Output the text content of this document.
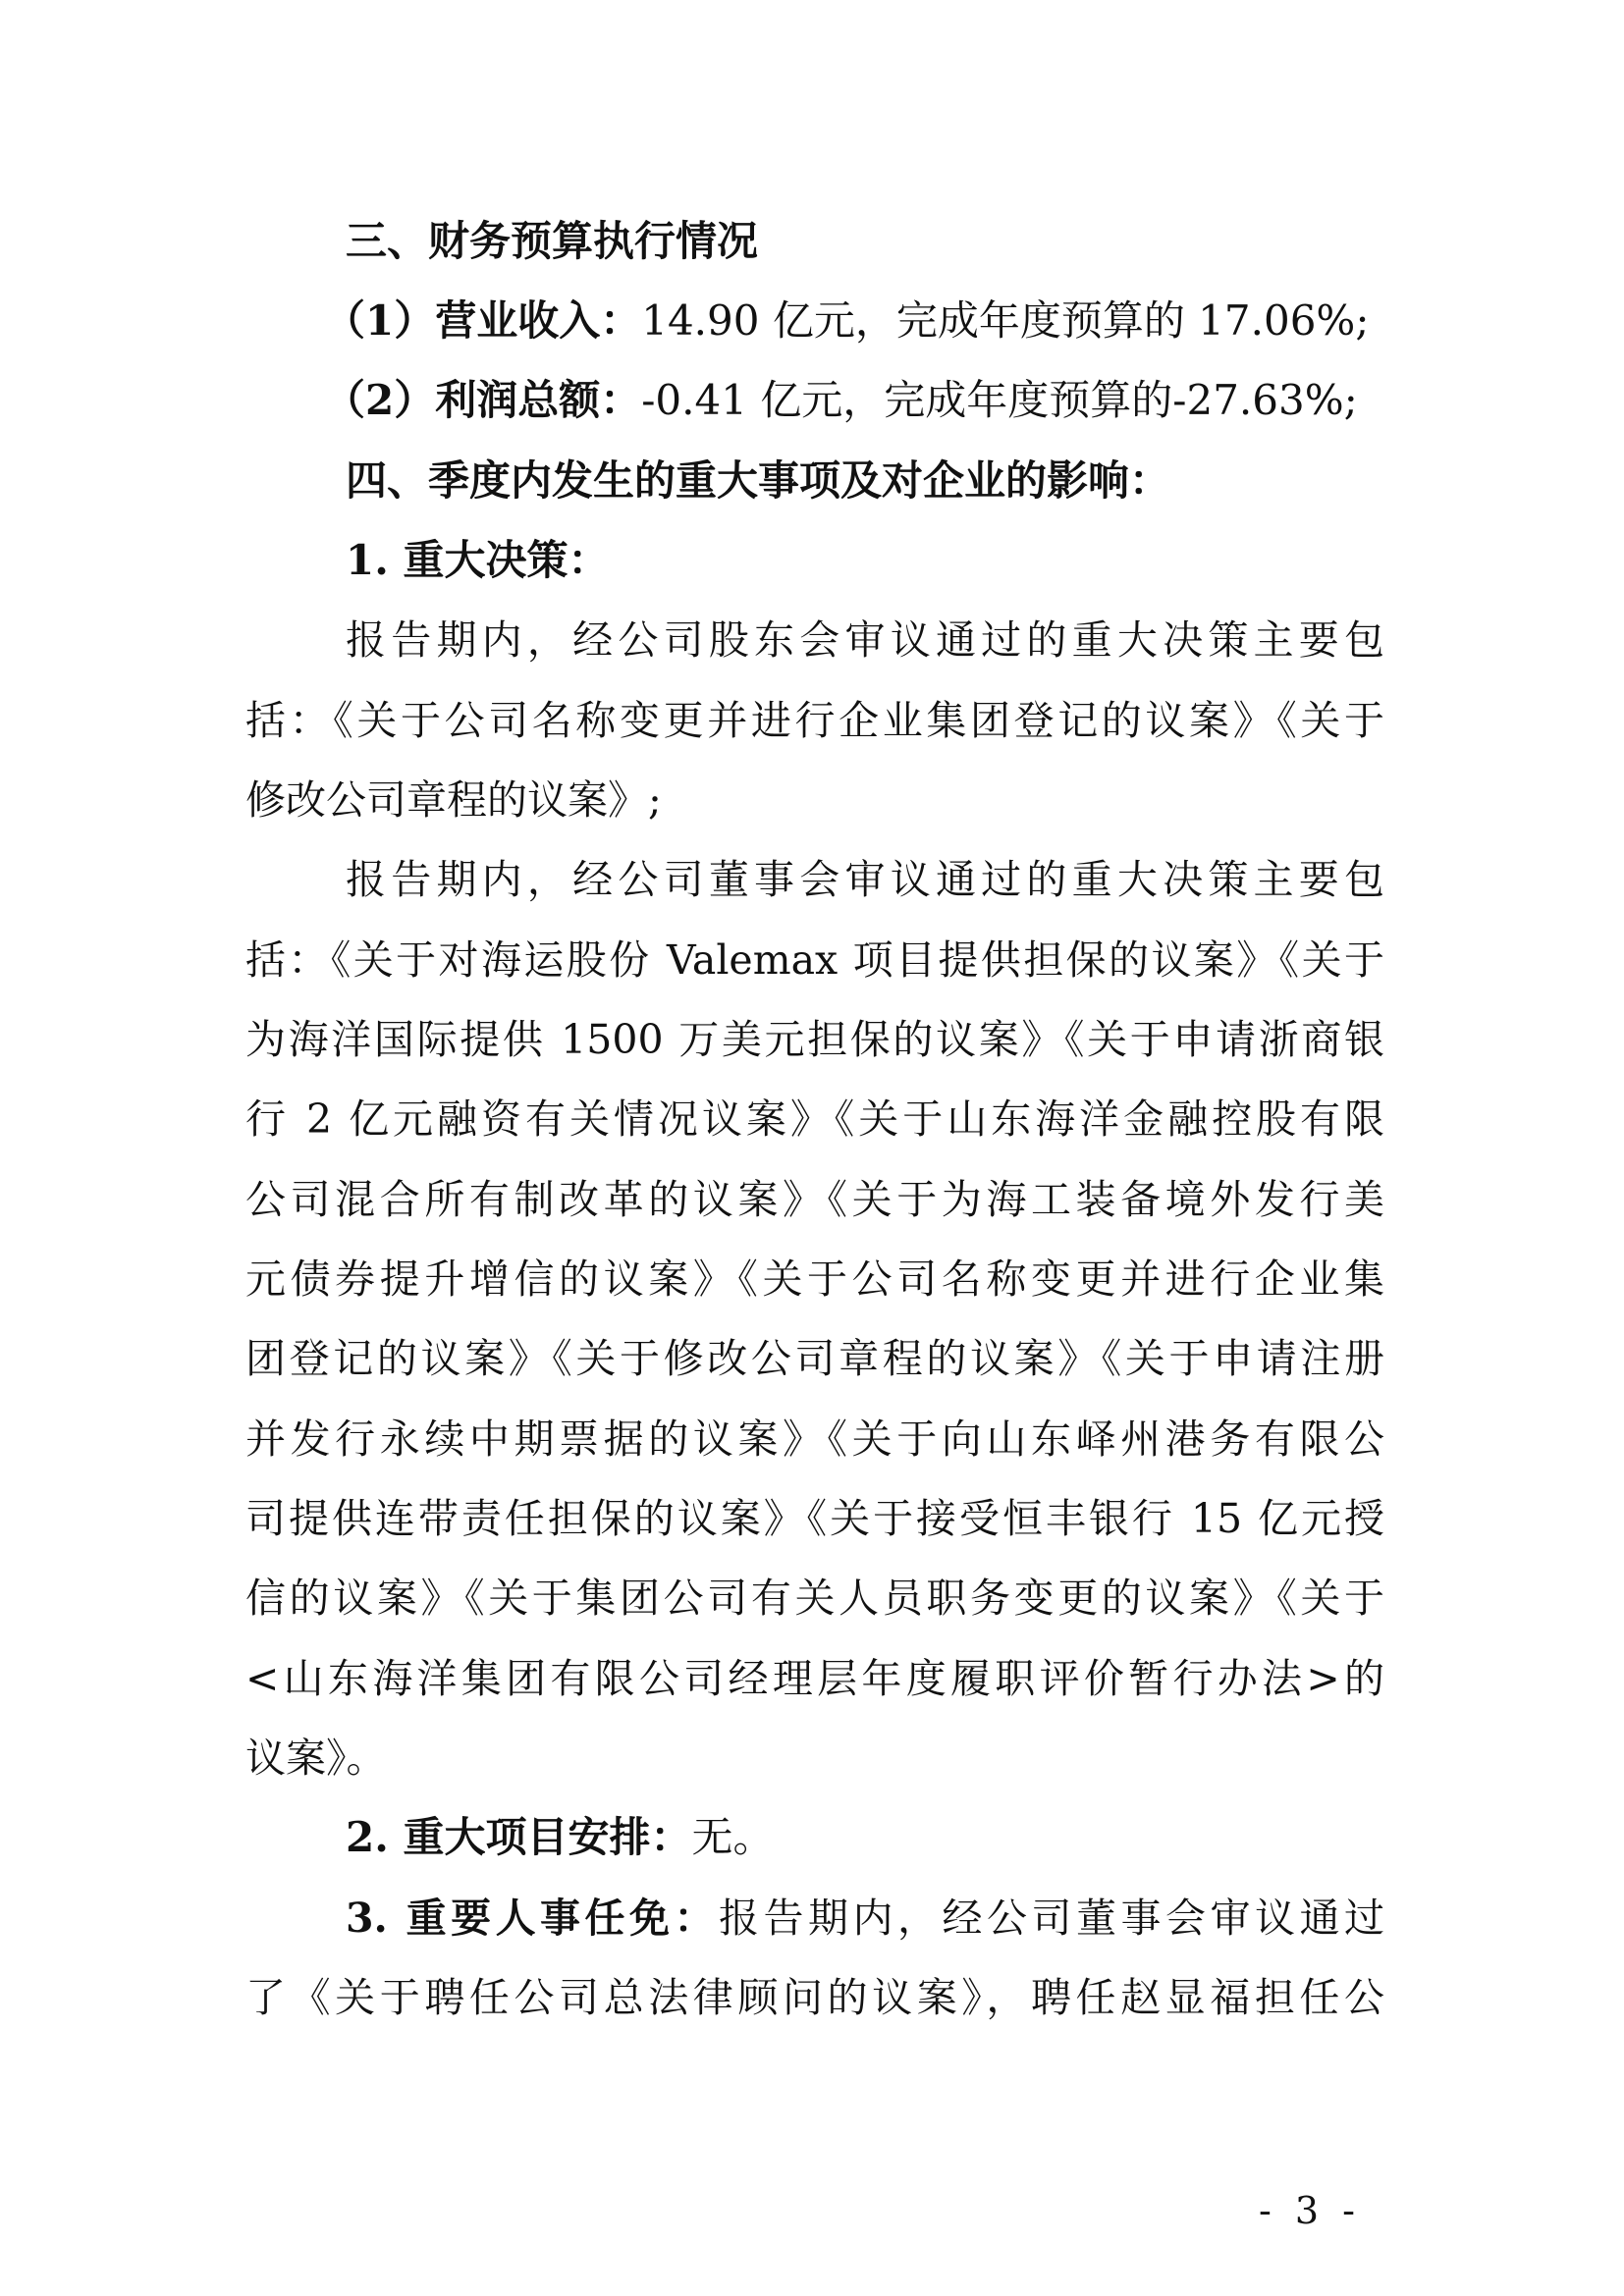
三、财务预算执行情况
（1）营业收入：14.90 亿元，完成年度预算的 17.06%;
（2）利润总额：-0.41 亿元，完成年度预算的-27.63%;
四、季度内发生的重大事项及对企业的影响：
1. 重大决策：
报告期内，经公司股东会审议通过的重大决策主要包
括：《关于公司名称变更并进行企业集团登记的议案》《关于
修改公司章程的议案》;
报告期内，经公司董事会审议通过的重大决策主要包
括：《关于对海运股份 Valemax 项目提供担保的议案》《关于
为海洋国际提供 1500 万美元担保的议案》《关于申请浙商银
行 2 亿元融资有关情况议案》《关于山东海洋金融控股有限
公司混合所有制改革的议案》《关于为海工装备境外发行美
元债券提升增信的议案》《关于公司名称变更并进行企业集
团登记的议案》《关于修改公司章程的议案》《关于申请注册
并发行永续中期票据的议案》《关于向山东峄州港务有限公
司提供连带责任担保的议案》《关于接受恒丰银行 15 亿元授
信的议案》《关于集团公司有关人员职务变更的议案》《关于
<山东海洋集团有限公司经理层年度履职评价暂行办法>的
议案》。
2. 重大项目安排：无。
3. 重要人事任免：报告期内，经公司董事会审议通过
了《关于聘任公司总法律顾问的议案》，聘任赵显福担任公
- 3 -
